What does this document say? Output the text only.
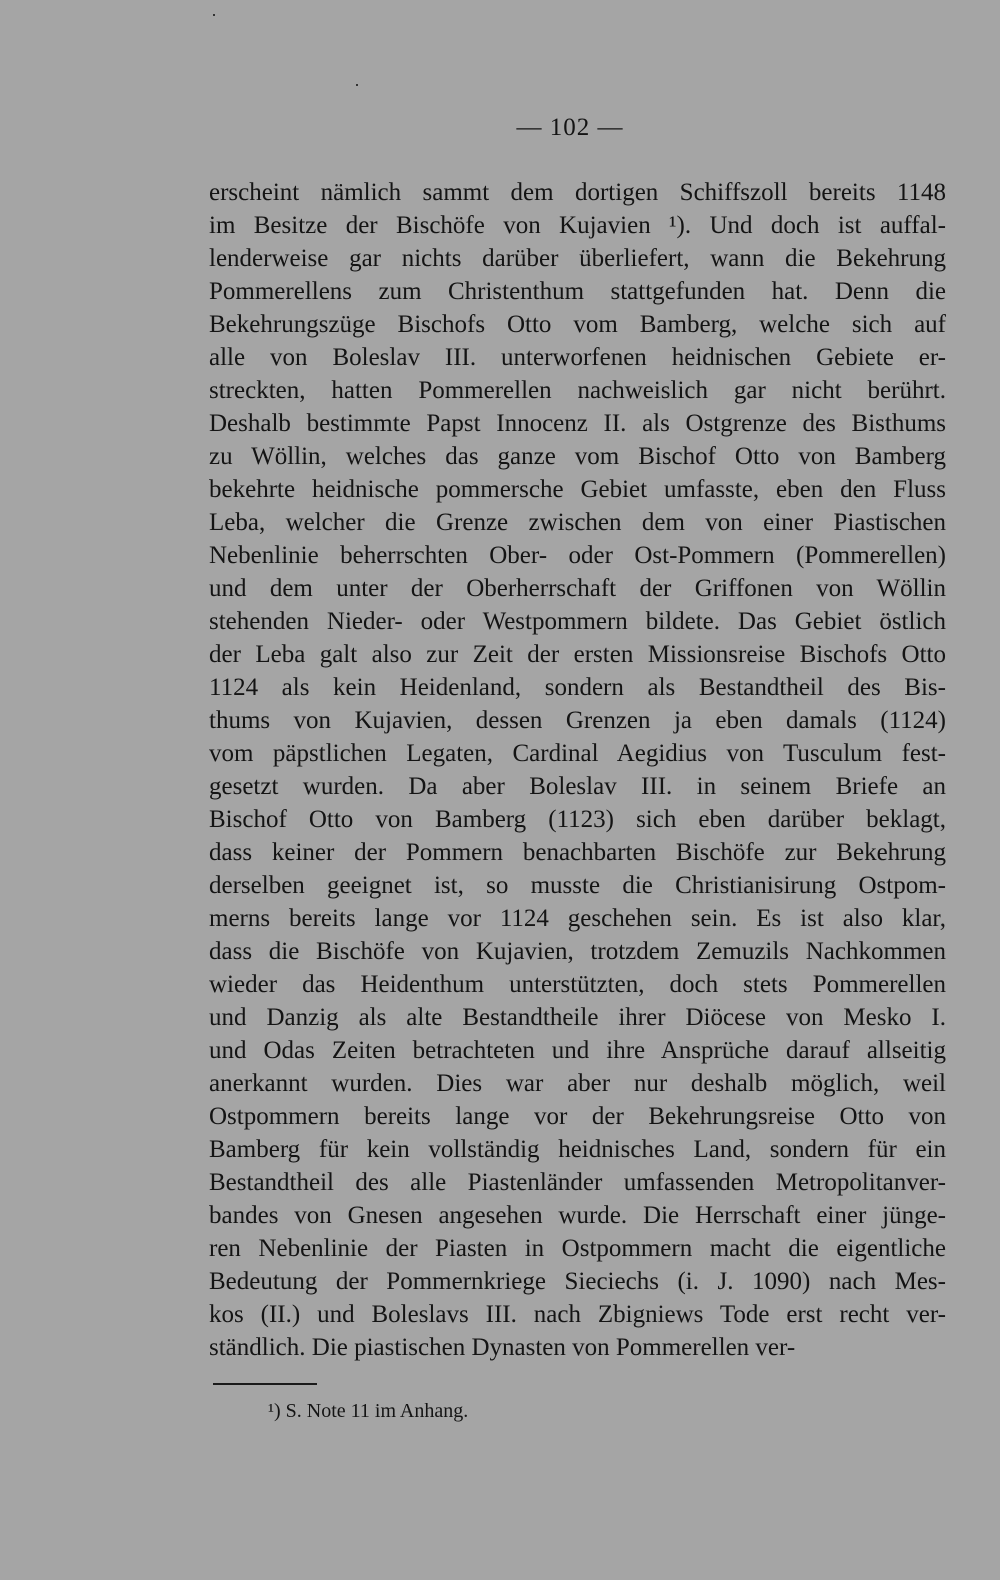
— 102 —
erscheint nämlich sammt dem dortigen Schiffszoll bereits 1148
im Besitze der Bischöfe von Kujavien ¹). Und doch ist auffal-
lenderweise gar nichts darüber überliefert, wann die Bekehrung
Pommerellens zum Christenthum stattgefunden hat. Denn die
Bekehrungszüge Bischofs Otto vom Bamberg, welche sich auf
alle von Boleslav III. unterworfenen heidnischen Gebiete er-
streckten, hatten Pommerellen nachweislich gar nicht berührt.
Deshalb bestimmte Papst Innocenz II. als Ostgrenze des Bisthums
zu Wöllin, welches das ganze vom Bischof Otto von Bamberg
bekehrte heidnische pommersche Gebiet umfasste, eben den Fluss
Leba, welcher die Grenze zwischen dem von einer Piastischen
Nebenlinie beherrschten Ober- oder Ost-Pommern (Pommerellen)
und dem unter der Oberherrschaft der Griffonen von Wöllin
stehenden Nieder- oder Westpommern bildete. Das Gebiet östlich
der Leba galt also zur Zeit der ersten Missionsreise Bischofs Otto
1124 als kein Heidenland, sondern als Bestandtheil des Bis-
thums von Kujavien, dessen Grenzen ja eben damals (1124)
vom päpstlichen Legaten, Cardinal Aegidius von Tusculum fest-
gesetzt wurden. Da aber Boleslav III. in seinem Briefe an
Bischof Otto von Bamberg (1123) sich eben darüber beklagt,
dass keiner der Pommern benachbarten Bischöfe zur Bekehrung
derselben geeignet ist, so musste die Christianisirung Ostpom-
merns bereits lange vor 1124 geschehen sein. Es ist also klar,
dass die Bischöfe von Kujavien, trotzdem Zemuzils Nachkommen
wieder das Heidenthum unterstützten, doch stets Pommerellen
und Danzig als alte Bestandtheile ihrer Diöcese von Mesko I.
und Odas Zeiten betrachteten und ihre Ansprüche darauf allseitig
anerkannt wurden. Dies war aber nur deshalb möglich, weil
Ostpommern bereits lange vor der Bekehrungsreise Otto von
Bamberg für kein vollständig heidnisches Land, sondern für ein
Bestandtheil des alle Piastenländer umfassenden Metropolitanver-
bandes von Gnesen angesehen wurde. Die Herrschaft einer jünge-
ren Nebenlinie der Piasten in Ostpommern macht die eigentliche
Bedeutung der Pommernkriege Sieciechs (i. J. 1090) nach Mes-
kos (II.) und Boleslavs III. nach Zbigniews Tode erst recht ver-
ständlich. Die piastischen Dynasten von Pommerellen ver-
¹) S. Note 11 im Anhang.
